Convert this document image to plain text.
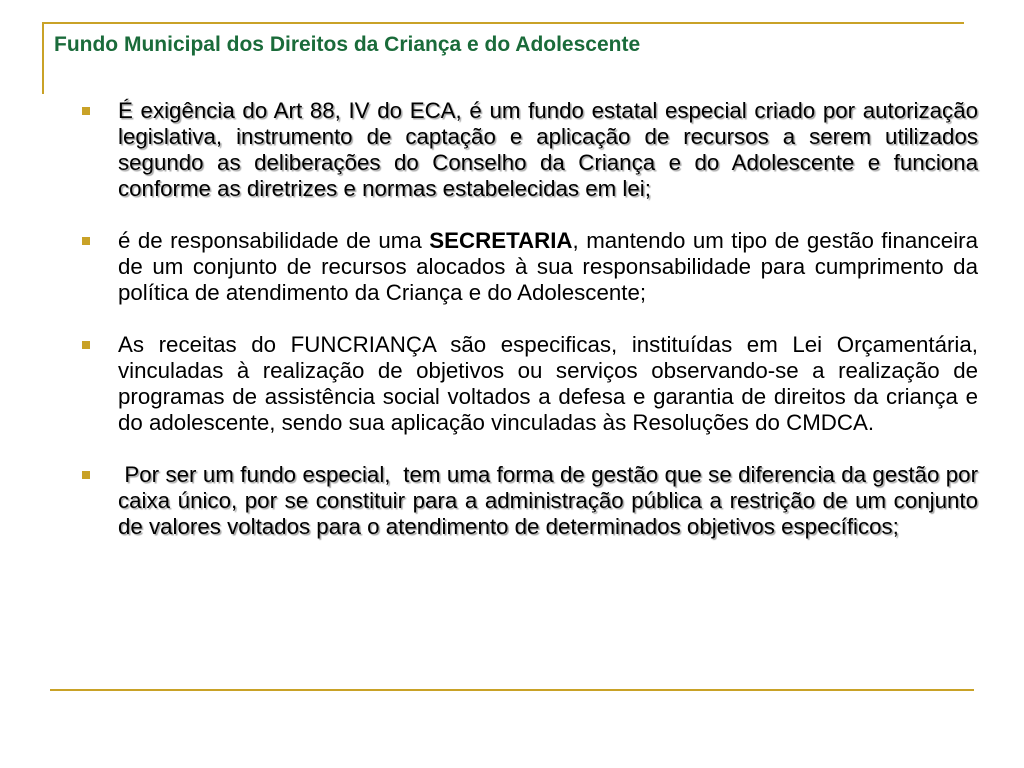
Fundo Municipal dos Direitos da Criança e do Adolescente
É exigência do Art 88, IV do ECA, é um fundo estatal especial criado por autorização legislativa, instrumento de captação e aplicação de recursos a serem utilizados segundo as deliberações do Conselho da Criança e do Adolescente e funciona conforme as diretrizes e normas estabelecidas em lei;
é de responsabilidade de uma SECRETARIA, mantendo um tipo de gestão financeira de um conjunto de recursos alocados à sua responsabilidade para cumprimento da política de atendimento da Criança e do Adolescente;
As receitas do FUNCRIANÇA são especificas, instituídas em Lei Orçamentária, vinculadas à realização de objetivos ou serviços observando-se a realização de programas de assistência social voltados a defesa e garantia de direitos da criança e do adolescente, sendo sua aplicação vinculadas às Resoluções do CMDCA.
Por ser um fundo especial,  tem uma forma de gestão que se diferencia da gestão por caixa único, por se constituir para a administração pública a restrição de um conjunto de valores voltados para o atendimento de determinados objetivos específicos;
